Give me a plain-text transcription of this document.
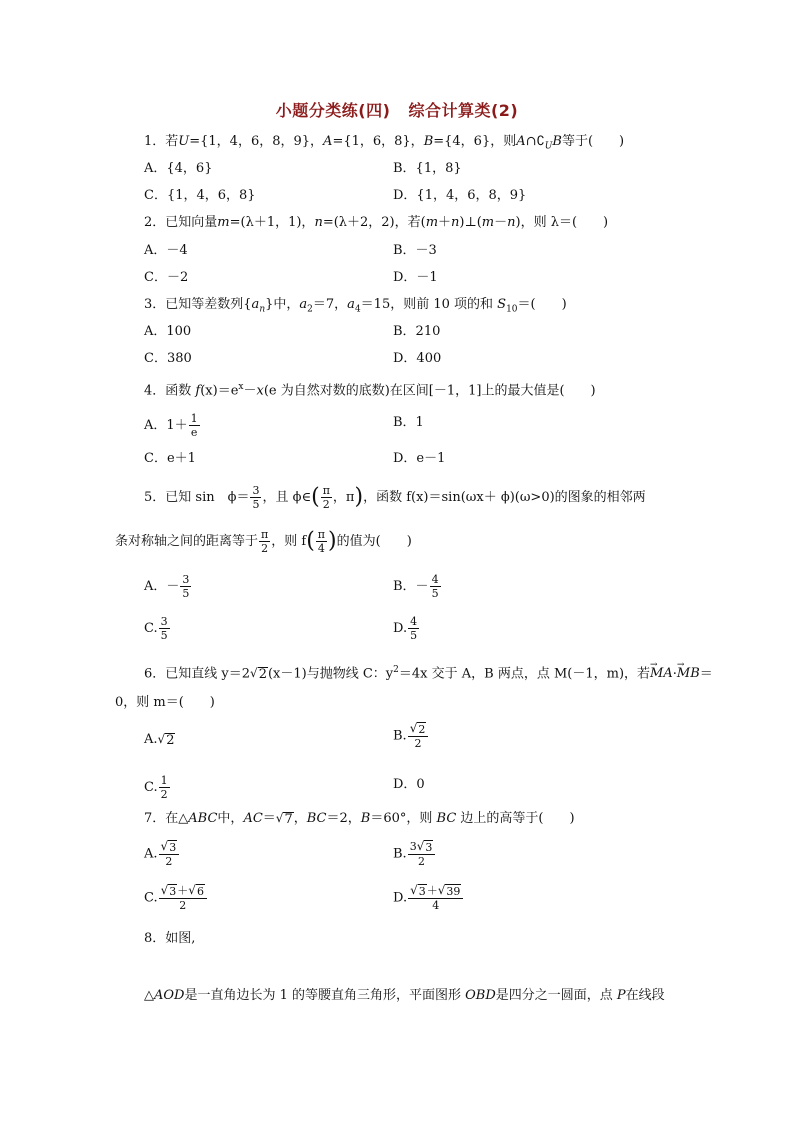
小题分类练(四) 综合计算类(2)
1．若U={1，4，6，8，9}，A={1，6，8}，B={4，6}，则$A\cap∁_UB$等于(　　)
A．{4，6}	B．{1，8}
C．{1，4，6，8}	D．{1，4，6，8，9}
2．已知向量m=(λ＋1，1)，n=(λ＋2，2)，若(m＋n)⊥(m－n)，则 λ＝(　　)
A．－4	B．－3
C．－2	D．－1
3．已知等差数列$\{a_n\}$中，$a_2=7$，$a_4=15$，则前 10 项的和 $S_{10}=$(　　)
A．100	B．210
C．380	D．400
4．函数 $f(x)=e^x-x(e$ 为自然对数的底数)在区间[－1，1]上的最大值是(　　)
A．$1+ \frac{1}{e}$	B．1
C．e＋1	D．e－1
5．已知 sin　$\phi= \frac{3}{5}$ ，且 ϕ∈( $\frac{\pi}{2}$ ，π)，函数 f(x)＝sin(ωx＋ ϕ)(ω>0)的图象的相邻两
条对称轴之间的距离等于 $\frac{\pi}{2}$ ，则 $f( \frac{\pi}{4}$ )的值为(　　)
A．－ $\frac{3}{5}$	B．－ $\frac{4}{5}$
C. $\frac{3}{5}$	D. $\frac{4}{5}$
6．已知直线 y＝2 √ 2 (x－1)与抛物线 C：$y^2=4x$ 交于 A，B 两点，点 M(－1，m)，若→ MA·→ MB＝
0，则 m＝(　　)
A. √ 2	B. $\frac{√ 2}{2}$
C. $\frac{1}{2}$	D．0
7．在△ABC中，AC＝ √ 7 ，BC＝2，B＝60°，则 BC 边上的高等于(　　)
A. $\frac{√ 3}{2}$	B. $\frac{3 √ 3}{2}$
C. $\frac{√ 3 + √ 6}{2}$	D. $\frac{√ 3 + √ 39}{4}$
8．如图,
△AOD是一直角边长为 1 的等腰直角三角形，平面图形 OBD是四分之一圆面，点 P在线段
